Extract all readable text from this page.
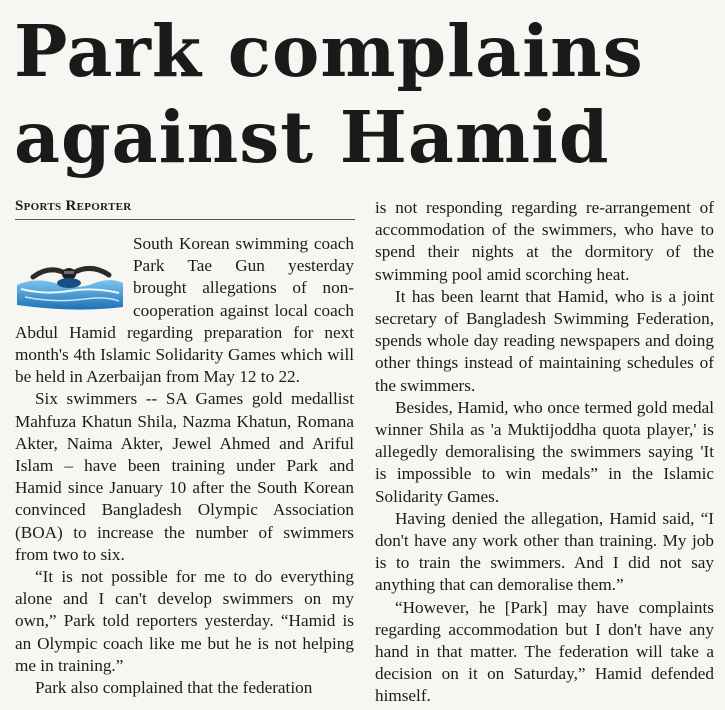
Park complains
against Hamid
Sports Reporter

South Korean swimming coach Park Tae Gun yesterday brought allegations of non-cooperation against local coach Abdul Hamid regarding preparation for next month's 4th Islamic Solidarity Games which will be held in Azerbaijan from May 12 to 22.

Six swimmers -- SA Games gold medallist Mahfuza Khatun Shila, Nazma Khatun, Romana Akter, Naima Akter, Jewel Ahmed and Ariful Islam – have been training under Park and Hamid since January 10 after the South Korean convinced Bangladesh Olympic Association (BOA) to increase the number of swimmers from two to six.

“It is not possible for me to do everything alone and I can't develop swimmers on my own,” Park told reporters yesterday. “Hamid is an Olympic coach like me but he is not helping me in training.”

Park also complained that the federation

is not responding regarding re-arrangement of accommodation of the swimmers, who have to spend their nights at the dormitory of the swimming pool amid scorching heat.

It has been learnt that Hamid, who is a joint secretary of Bangladesh Swimming Federation, spends whole day reading newspapers and doing other things instead of maintaining schedules of the swimmers.

Besides, Hamid, who once termed gold medal winner Shila as 'a Muktijoddha quota player,' is allegedly demoralising the swimmers saying 'It is impossible to win medals” in the Islamic Solidarity Games.

Having denied the allegation, Hamid said, “I don't have any work other than training. My job is to train the swimmers. And I did not say anything that can demoralise them.”

“However, he [Park] may have complaints regarding accommodation but I don't have any hand in that matter. The federation will take a decision on it on Saturday,” Hamid defended himself.
